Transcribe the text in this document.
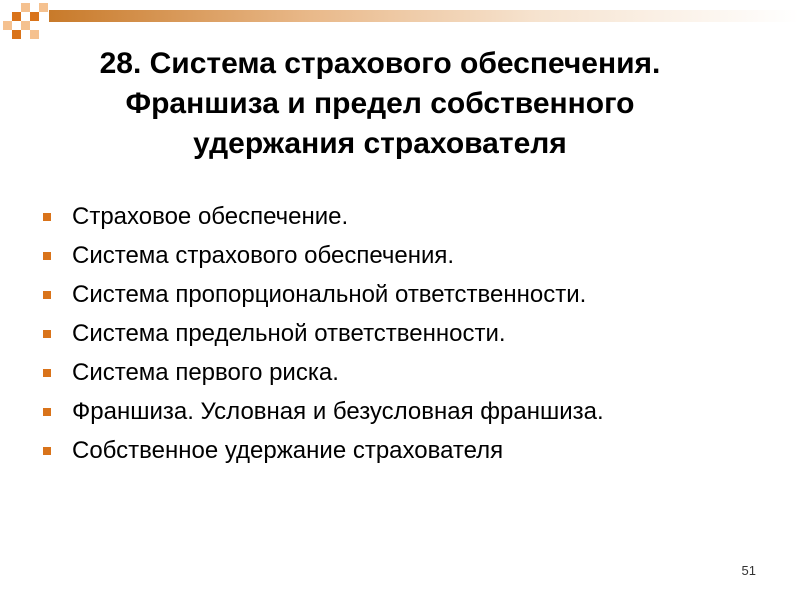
28. Система страхового обеспечения.
Франшиза и предел собственного
удержания страхователя
Страховое обеспечение.
Система страхового обеспечения.
Система пропорциональной ответственности.
Система предельной ответственности.
Система первого риска.
Франшиза. Условная и безусловная франшиза.
Собственное удержание страхователя
51
